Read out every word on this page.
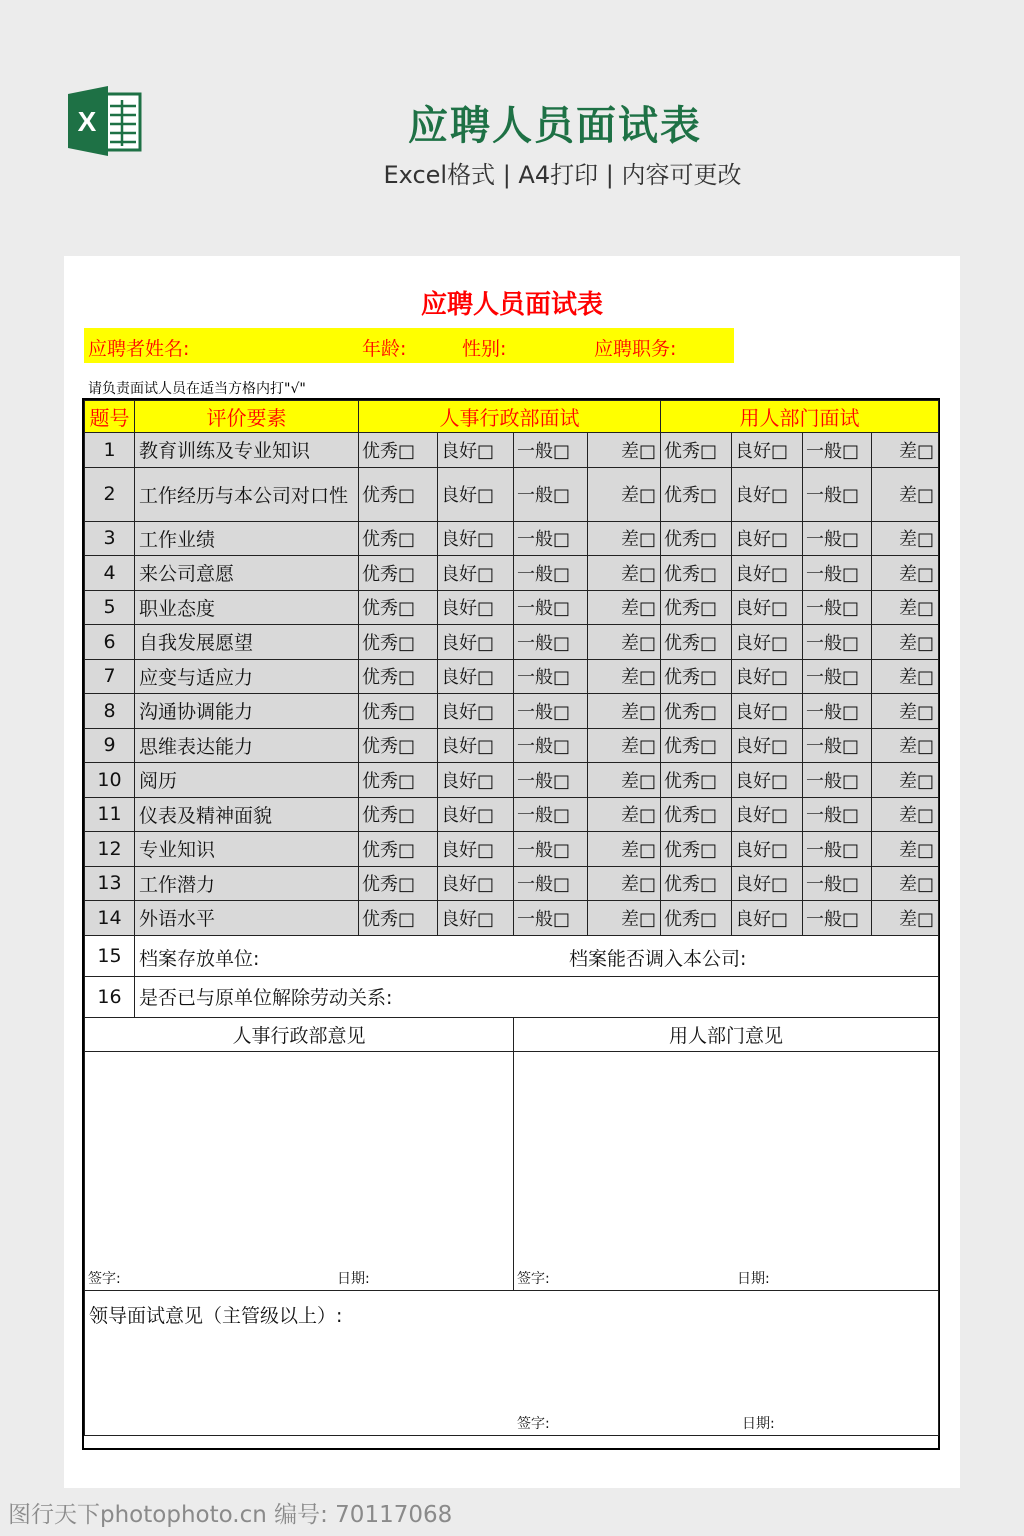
X	应聘人员面试表
Excel格式 | A4打印 | 内容可更改
应聘人员面试表
应聘者姓名:	年龄:	性别:	应聘职务:
请负责面试人员在适当方格内打"√"
题号	评价要素	人事行政部面试				用人部门面试			
1	教育训练及专业知识	优秀□	良好□	一般□	差□	优秀□	良好□	一般□	差□
2	工作经历与本公司对口性	优秀□	良好□	一般□	差□	优秀□	良好□	一般□	差□
3	工作业绩	优秀□	良好□	一般□	差□	优秀□	良好□	一般□	差□
4	来公司意愿	优秀□	良好□	一般□	差□	优秀□	良好□	一般□	差□
5	职业态度	优秀□	良好□	一般□	差□	优秀□	良好□	一般□	差□
6	自我发展愿望	优秀□	良好□	一般□	差□	优秀□	良好□	一般□	差□
7	应变与适应力	优秀□	良好□	一般□	差□	优秀□	良好□	一般□	差□
8	沟通协调能力	优秀□	良好□	一般□	差□	优秀□	良好□	一般□	差□
9	思维表达能力	优秀□	良好□	一般□	差□	优秀□	良好□	一般□	差□
10	阅历	优秀□	良好□	一般□	差□	优秀□	良好□	一般□	差□
11	仪表及精神面貌	优秀□	良好□	一般□	差□	优秀□	良好□	一般□	差□
12	专业知识	优秀□	良好□	一般□	差□	优秀□	良好□	一般□	差□
13	工作潜力	优秀□	良好□	一般□	差□	优秀□	良好□	一般□	差□
14	外语水平	优秀□	良好□	一般□	差□	优秀□	良好□	一般□	差□
15	档案存放单位: 档案能否调入本公司:								

16	是否已与原单位解除劳动关系:								
人事行政部意见				用人部门意见					

签字: 日期:				签字: 日期:					

领导面试意见（主管级以上）:
签字: 日期:									
图行天下photophoto.cn 编号: 70117068
